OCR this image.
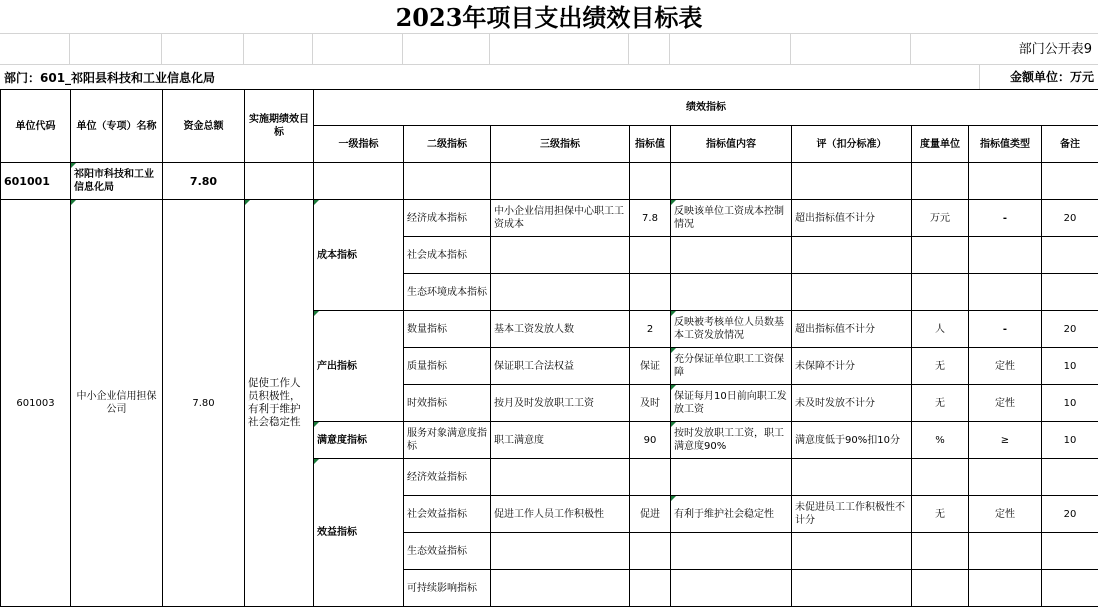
2023年项目支出绩效目标表
部门公开表9
部门：601_祁阳县科技和工业信息化局	金额单位：万元
单位代码	单位（专项）名称	资金总额	实施期绩效目标	绩效指标								
				一级指标	二级指标	三级指标	指标值	指标值内容	评（扣分标准）	度量单位	指标值类型	备注
601001	祁阳市科技和工业信息化局	7.80										
601003	中小企业信用担保公司	7.80	促使工作人员积极性，有利于维护社会稳定性	成本指标	经济成本指标	中小企业信用担保中心职工工资成本	7.8	反映该单位工资成本控制情况	超出指标值不计分	万元	-	20
					社会成本指标							
					生态环境成本指标							
				产出指标	数量指标	基本工资发放人数	2	反映被考核单位人员数基本工资发放情况	超出指标值不计分	人	-	20
					质量指标	保证职工合法权益	保证	充分保证单位职工工资保障	未保障不计分	无	定性	10
					时效指标	按月及时发放职工工资	及时	保证每月10日前向职工发放工资	未及时发放不计分	无	定性	10
				满意度指标	服务对象满意度指标	职工满意度	90	按时发放职工工资，职工满意度90%	满意度低于90%扣10分	%	≥	10
				效益指标	经济效益指标							
					社会效益指标	促进工作人员工作积极性	促进	有利于维护社会稳定性	未促进员工工作积极性不计分	无	定性	20
					生态效益指标							
					可持续影响指标							
